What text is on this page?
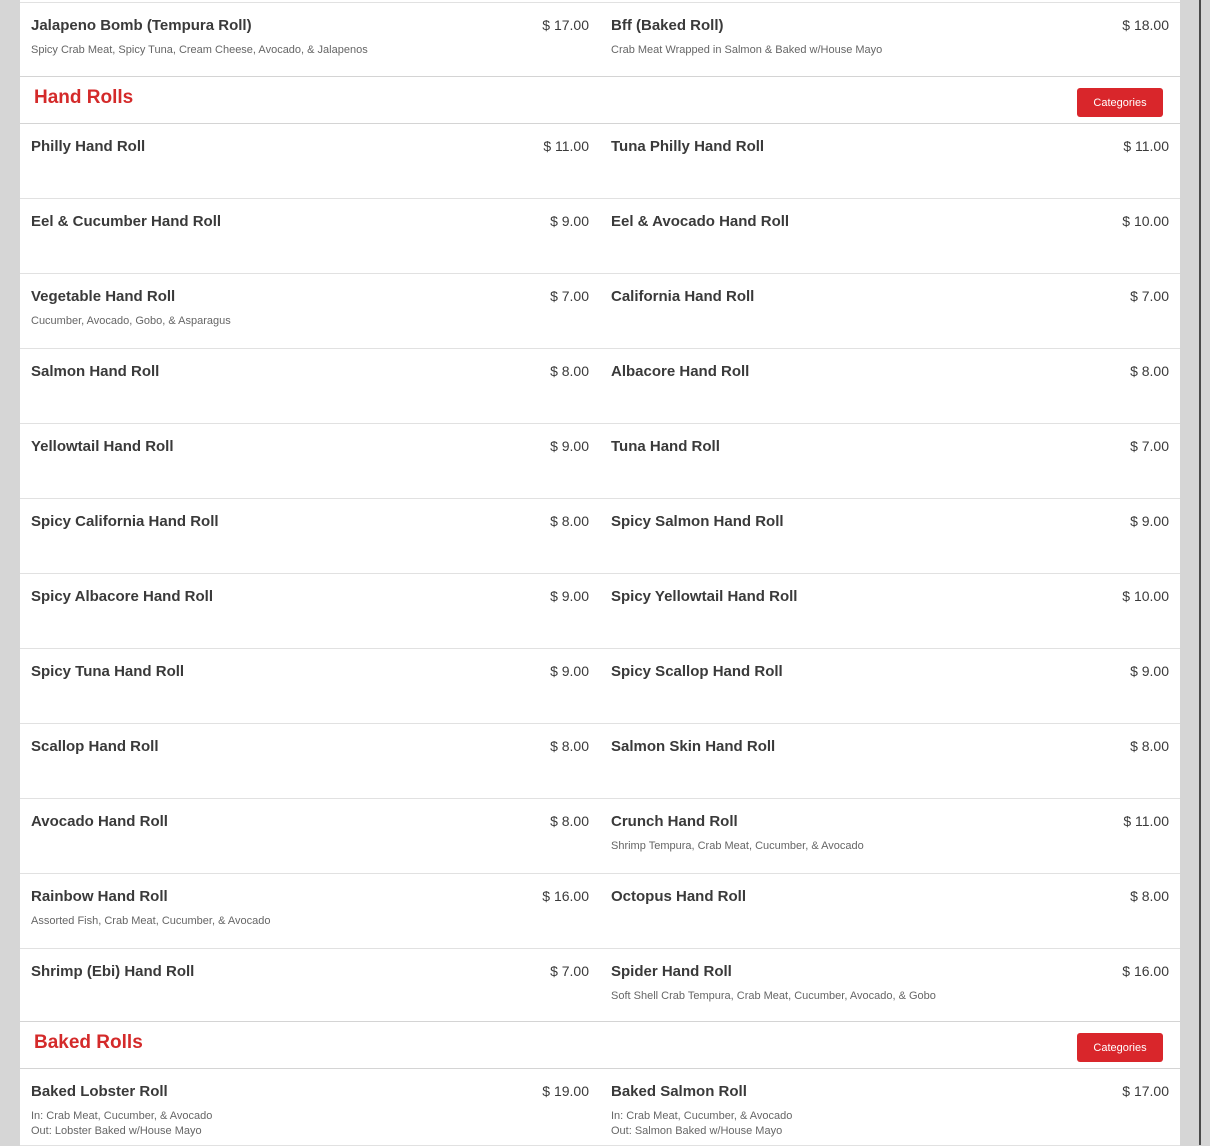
Jalapeno Bomb (Tempura Roll)	$ 17.00
Spicy Crab Meat, Spicy Tuna, Cream Cheese, Avocado, & Jalapenos
Bff (Baked Roll)	$ 18.00
Crab Meat Wrapped in Salmon & Baked w/House Mayo
Hand Rolls	Categories
Philly Hand Roll	$ 11.00 Tuna Philly Hand Roll	$ 11.00
Eel & Cucumber Hand Roll	$ 9.00 Eel & Avocado Hand Roll	$ 10.00
Vegetable Hand Roll	$ 7.00
Cucumber, Avocado, Gobo, & Asparagus
California Hand Roll	$ 7.00
Salmon Hand Roll	$ 8.00 Albacore Hand Roll	$ 8.00
Yellowtail Hand Roll	$ 9.00 Tuna Hand Roll	$ 7.00
Spicy California Hand Roll	$ 8.00 Spicy Salmon Hand Roll	$ 9.00
Spicy Albacore Hand Roll	$ 9.00 Spicy Yellowtail Hand Roll	$ 10.00
Spicy Tuna Hand Roll	$ 9.00 Spicy Scallop Hand Roll	$ 9.00
Scallop Hand Roll	$ 8.00 Salmon Skin Hand Roll	$ 8.00
Avocado Hand Roll	$ 8.00 Crunch Hand Roll	$ 11.00
Shrimp Tempura, Crab Meat, Cucumber, & Avocado
Rainbow Hand Roll	$ 16.00
Assorted Fish, Crab Meat, Cucumber, & Avocado
Octopus Hand Roll	$ 8.00
Shrimp (Ebi) Hand Roll	$ 7.00 Spider Hand Roll	$ 16.00
Soft Shell Crab Tempura, Crab Meat, Cucumber, Avocado, & Gobo
Baked Rolls	Categories
Baked Lobster Roll	$ 19.00
In: Crab Meat, Cucumber, & Avocado
Out: Lobster Baked w/House Mayo
Baked Salmon Roll	$ 17.00
In: Crab Meat, Cucumber, & Avocado
Out: Salmon Baked w/House Mayo
